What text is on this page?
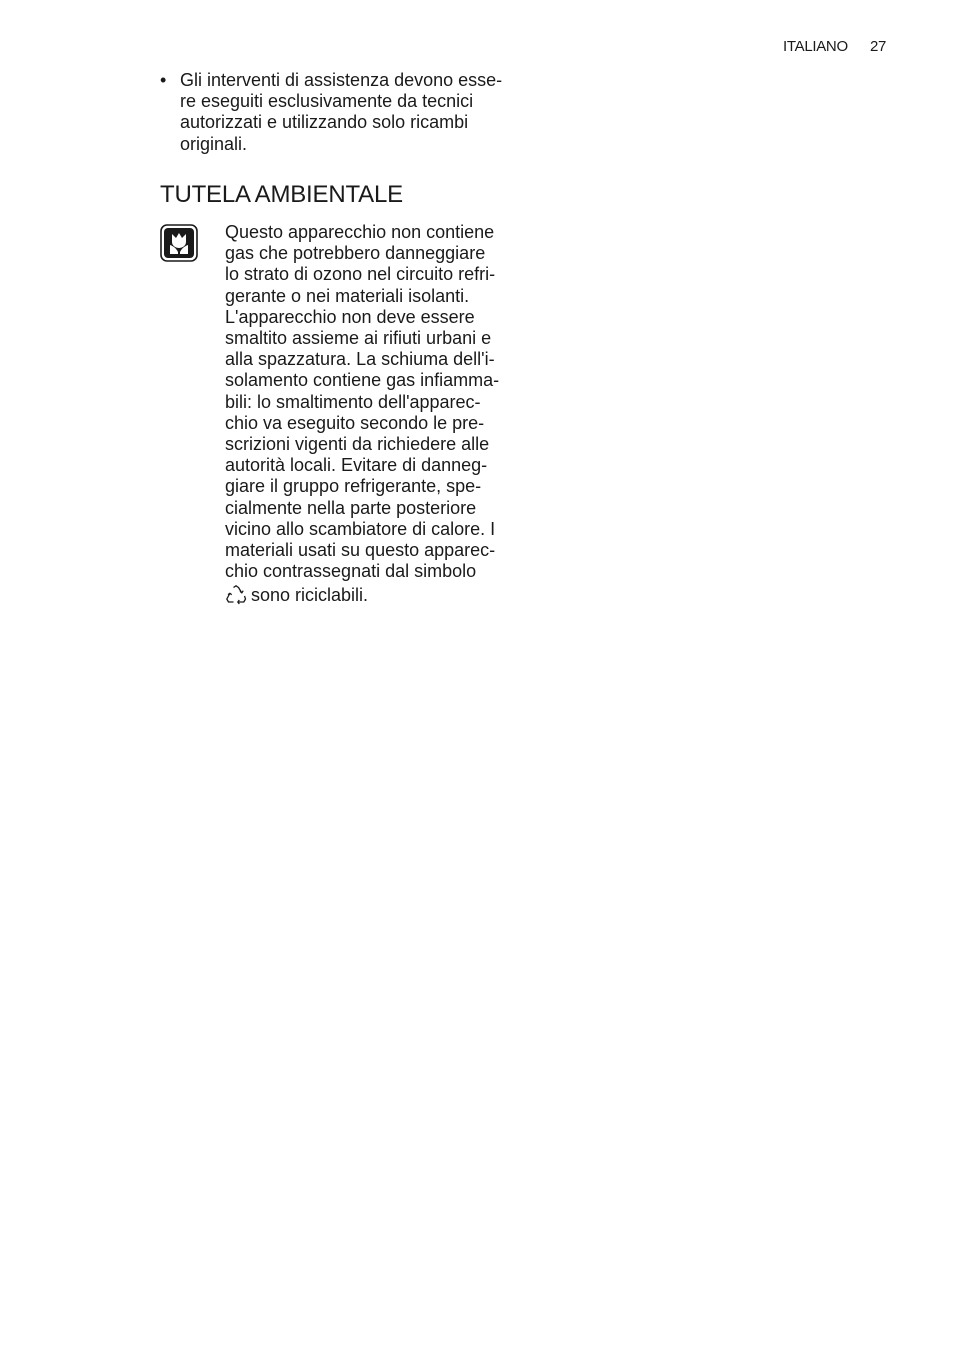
ITALIANO 27
• Gli interventi di assistenza devono esse-
re eseguiti esclusivamente da tecnici
autorizzati e utilizzando solo ricambi
originali.
TUTELA AMBIENTALE
Questo apparecchio non contiene
gas che potrebbero danneggiare
lo strato di ozono nel circuito refri-
gerante o nei materiali isolanti.
L'apparecchio non deve essere
smaltito assieme ai rifiuti urbani e
alla spazzatura. La schiuma dell'i-
solamento contiene gas infiamma-
bili: lo smaltimento dell'apparec-
chio va eseguito secondo le pre-
scrizioni vigenti da richiedere alle
autorità locali. Evitare di danneg-
giare il gruppo refrigerante, spe-
cialmente nella parte posteriore
vicino allo scambiatore di calore. I
materiali usati su questo apparec-
chio contrassegnati dal simbolo
sono riciclabili.
